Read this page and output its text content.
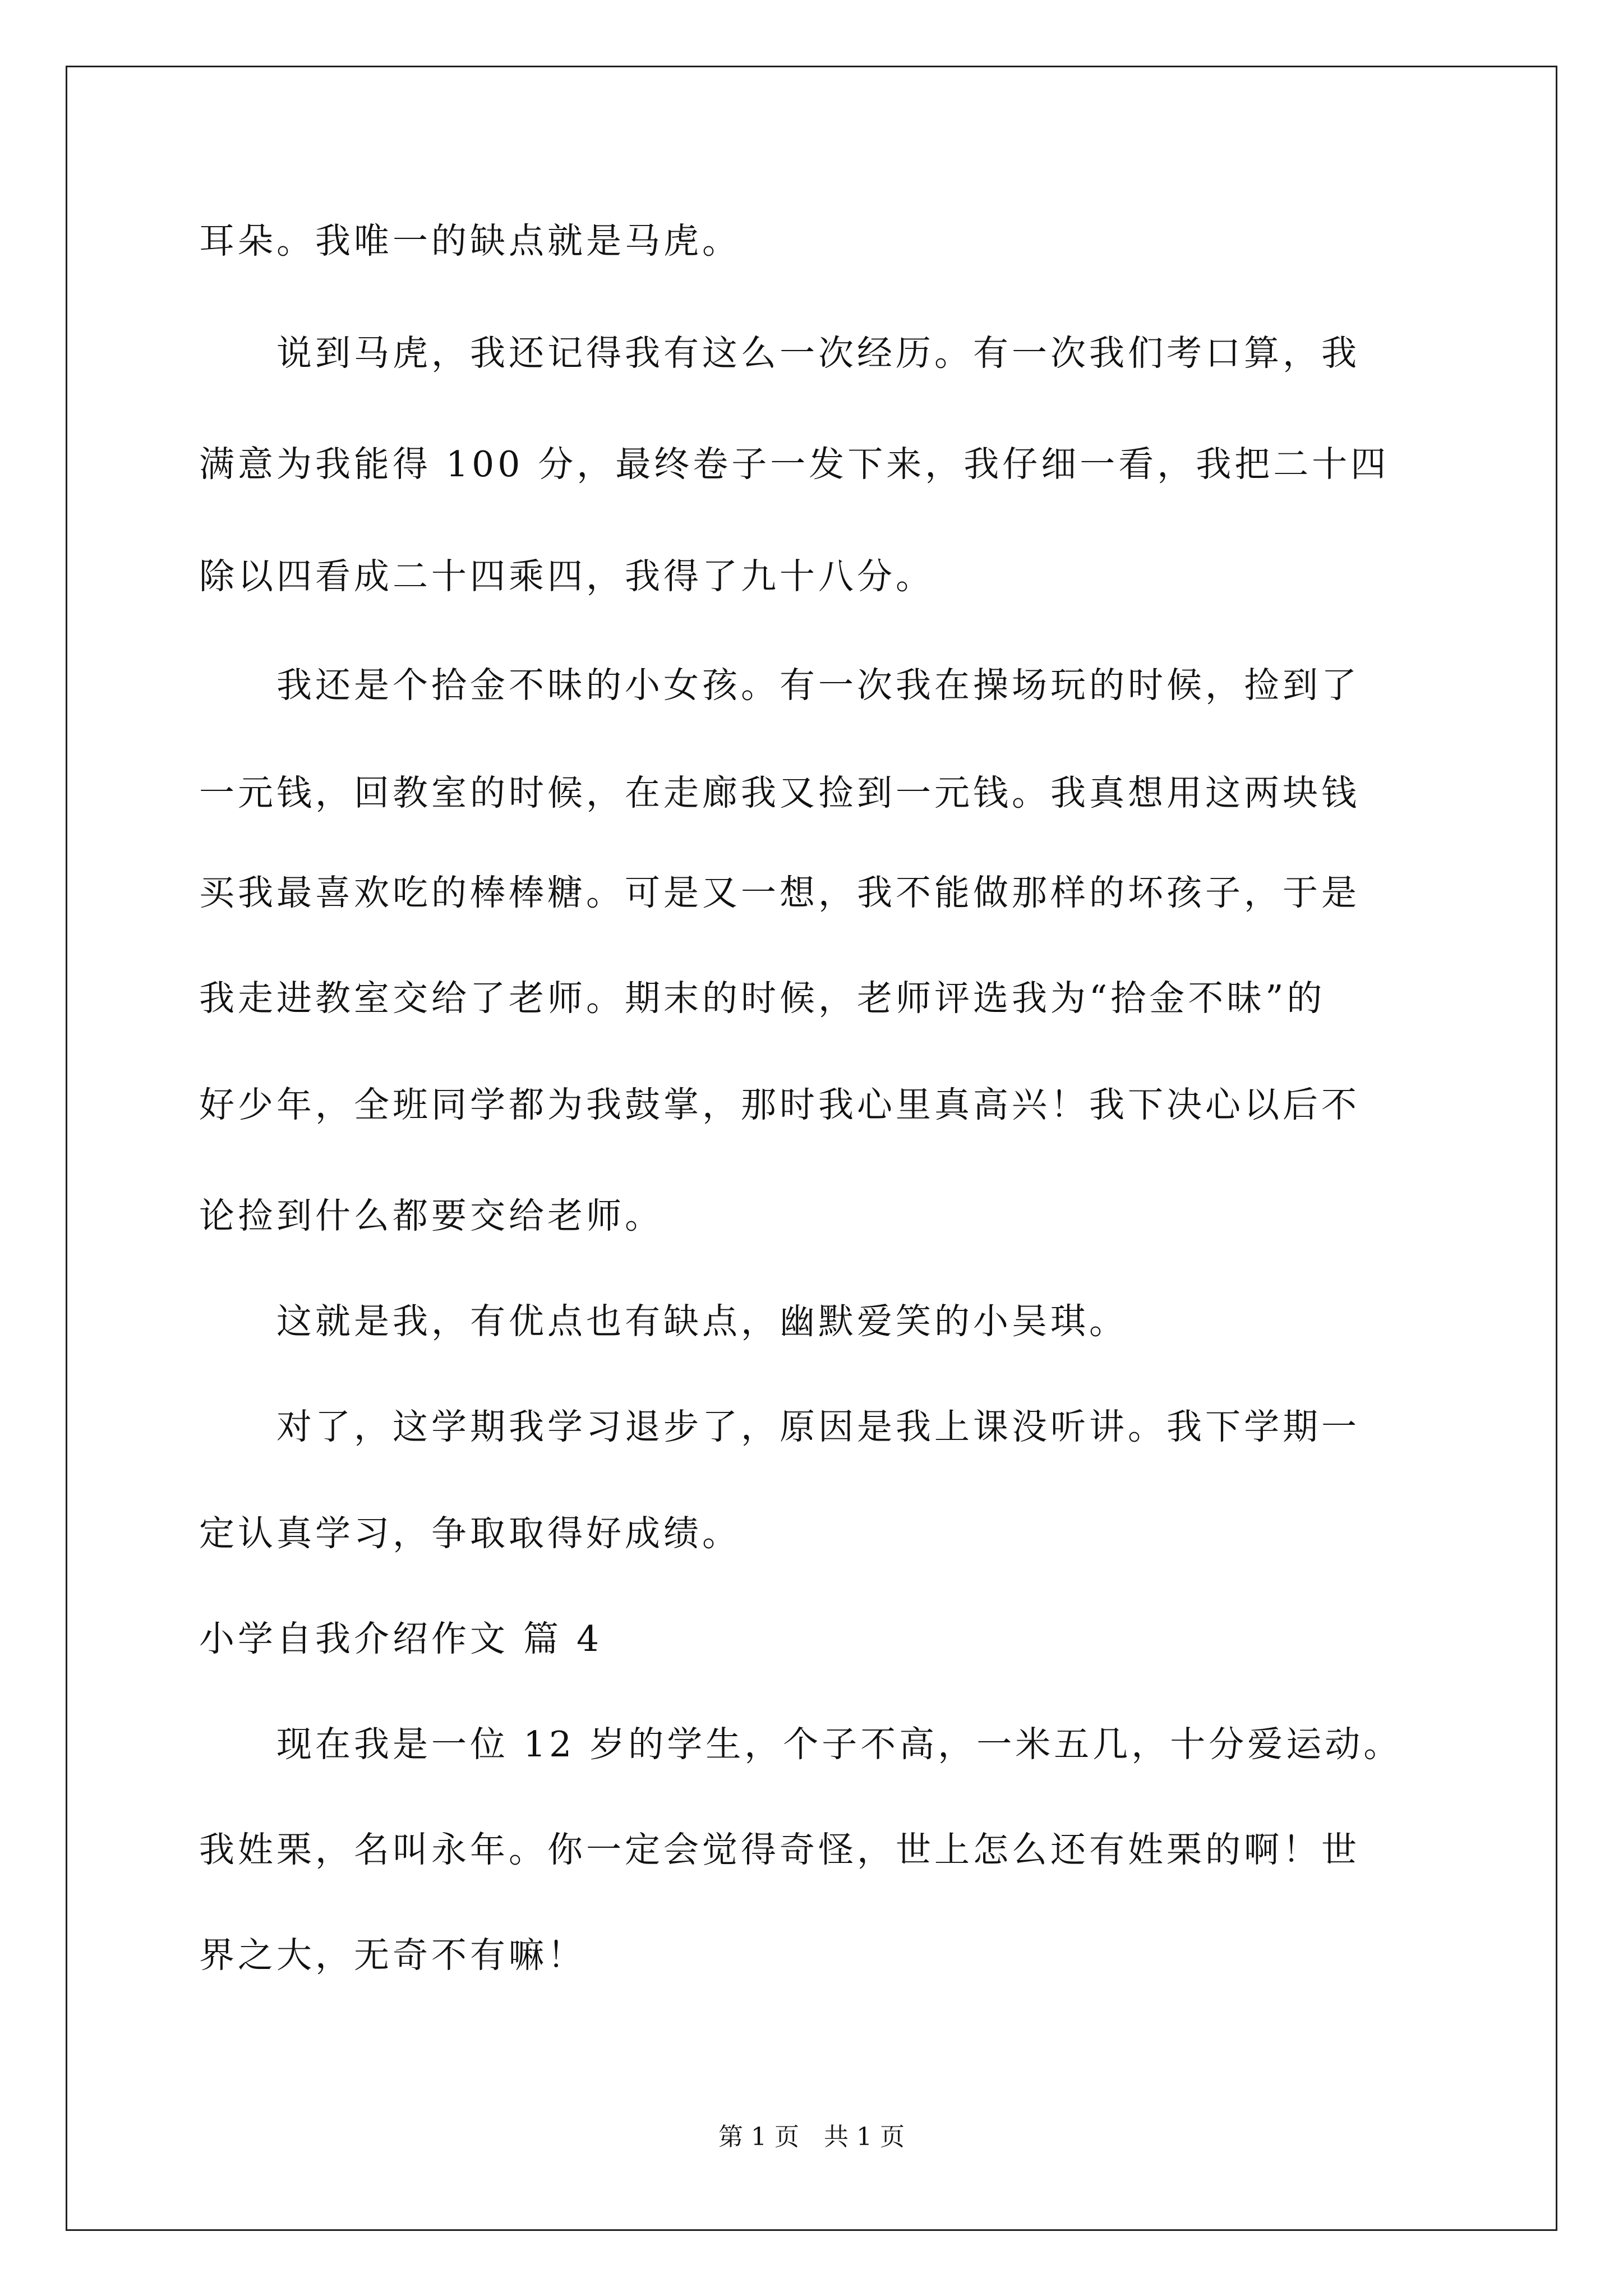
耳朵。我唯一的缺点就是马虎。
　　说到马虎，我还记得我有这么一次经历。有一次我们考口算，我
满意为我能得 100 分，最终卷子一发下来，我仔细一看，我把二十四
除以四看成二十四乘四，我得了九十八分。
　　我还是个拾金不昧的小女孩。有一次我在操场玩的时候，捡到了
一元钱，回教室的时候，在走廊我又捡到一元钱。我真想用这两块钱
买我最喜欢吃的棒棒糖。可是又一想，我不能做那样的坏孩子，于是
我走进教室交给了老师。期末的时候，老师评选我为“拾金不昧”的
好少年，全班同学都为我鼓掌，那时我心里真高兴！我下决心以后不
论捡到什么都要交给老师。
　　这就是我，有优点也有缺点，幽默爱笑的小吴琪。
　　对了，这学期我学习退步了，原因是我上课没听讲。我下学期一
定认真学习，争取取得好成绩。
小学自我介绍作文 篇 4
　　现在我是一位 12 岁的学生，个子不高，一米五几，十分爱运动。
我姓栗，名叫永年。你一定会觉得奇怪，世上怎么还有姓栗的啊！世
界之大，无奇不有嘛！
第 1 页　共 1 页
